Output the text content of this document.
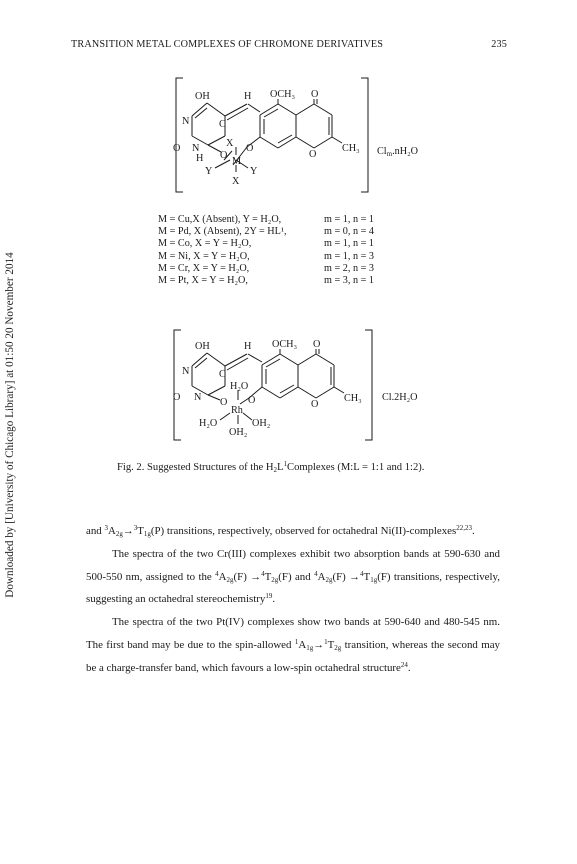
Downloaded by [University of Chicago Library] at 01:50 20 November 2014
TRANSITION METAL COMPLEXES OF CHROMONE DERIVATIVES	235
OH	H OCH₃ O
N	C
X
O N
H O
M
O
O
CH₃
Y	Y
X
Clm.nH₂O
M = Cu,X (Absent), Y = H₂O,	m = 1, n = 1
M = Pd, X (Absent), 2Y = HL¹,	m = 0, n = 4
M = Co, X = Y = H₂O,	m = 1, n = 1
M = Ni, X = Y = H₂O,	m = 1, n = 3
M = Cr, X = Y = H₂O,	m = 2, n = 3
M = Pt, X = Y = H₂O,	m = 3, n = 1
OH	H OCH₃ O
N	C
H₂O
O N O
Rh
O	O
CH₃
H₂O	OH₂
OH₂
Cl.2H₂O
Fig. 2. Suggested Structures of the $H_2L^1Complexes$ (M:L = 1:1 and 1:2).

and $^3A_{2g}\to^3T_{1g}(P)$ transitions, respectively, observed for octahedral Ni(II)-complexes$^{22,23}$.

The spectra of the two Cr(III) complexes exhibit two absorption bands at 590-630 and 500-550 nm, assigned to the $^4A_{2g}(F) \to^4T_{2g}(F)$ and $^4A_{2g}(F) \to^4T_{1g}(F)$ transitions, respectively, suggesting an octahedral stereochemistry$^{19}$.

The spectra of the two Pt(IV) complexes show two bands at 590-640 and 480-545 nm. The first band may be due to the spin-allowed $^1A_{1g}\to^1T_{2g}$ transition, whereas the second may be a charge-transfer band, which favours a low-spin octahedral structure$^{24}$.
